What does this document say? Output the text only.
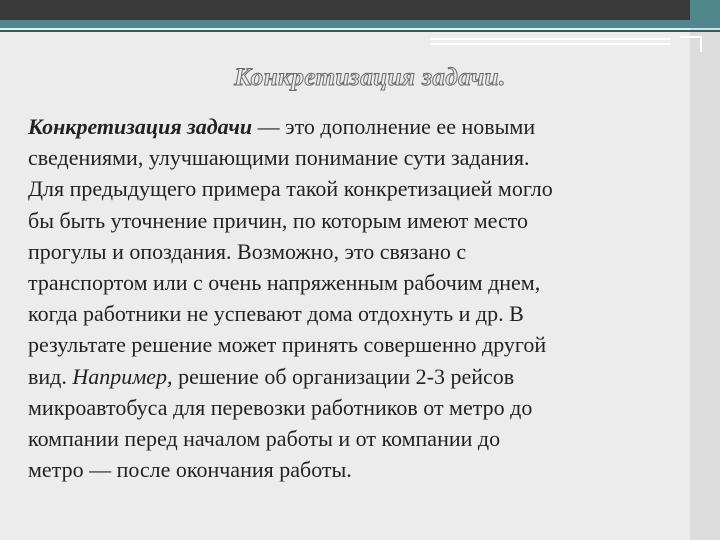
Конкретизация задачи.
Конкретизация задачи — это дополнение ее новыми
сведениями, улучшающими понимание сути задания.
Для предыдущего примера такой конкретизацией могло
бы быть уточнение причин, по которым имеют место
прогулы и опоздания. Возможно, это связано с
транспортом или с очень напряженным рабочим днем,
когда работники не успевают дома отдохнуть и др. В
результате решение может принять совершенно другой
вид. Например, решение об организации 2-3 рейсов
микроавтобуса для перевозки работников от метро до
компании перед началом работы и от компании до
метро — после окончания работы.
